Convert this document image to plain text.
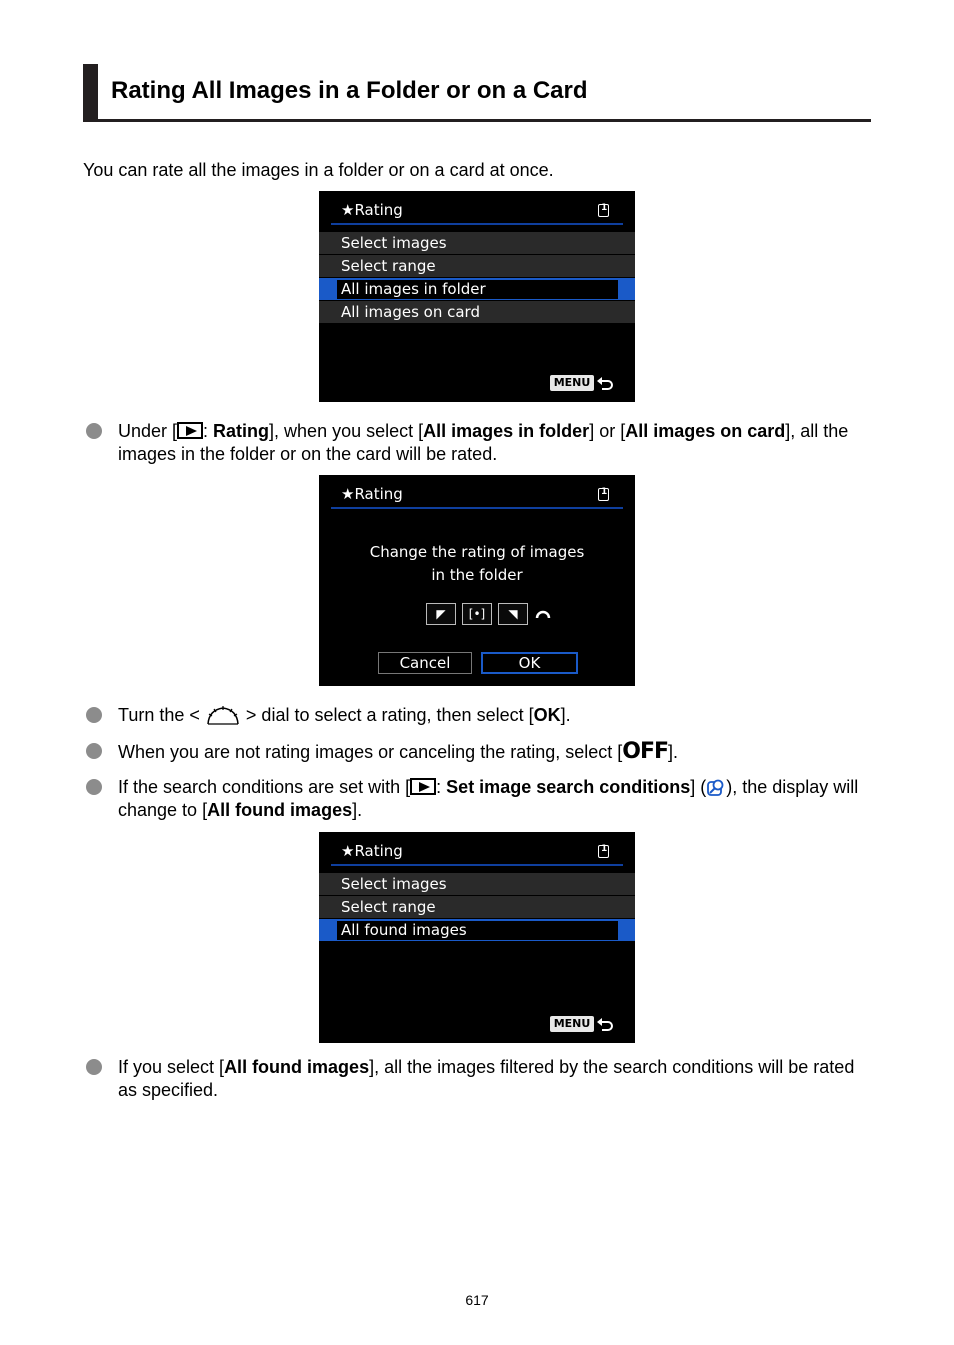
Rating All Images in a Folder or on a Card
You can rate all the images in a folder or on a card at once.
★Rating
1
Select images
Select range
All images in folder
All images on card
MENU
Under [ : Rating], when you select [All images in folder] or [All images on card], all the images in the folder or on the card will be rated.
★Rating
1
Change the rating of images
in the folder
◤	[•]	◥
Cancel	OK
Turn the <	> dial to select a rating, then select [OK].
When you are not rating images or canceling the rating, select [OFF].
If the search conditions are set with [ : Set image search conditions] ( ), the display will change to [All found images].
★Rating
1
Select images
Select range
All found images
MENU
If you select [All found images], all the images filtered by the search conditions will be rated as specified.
617
